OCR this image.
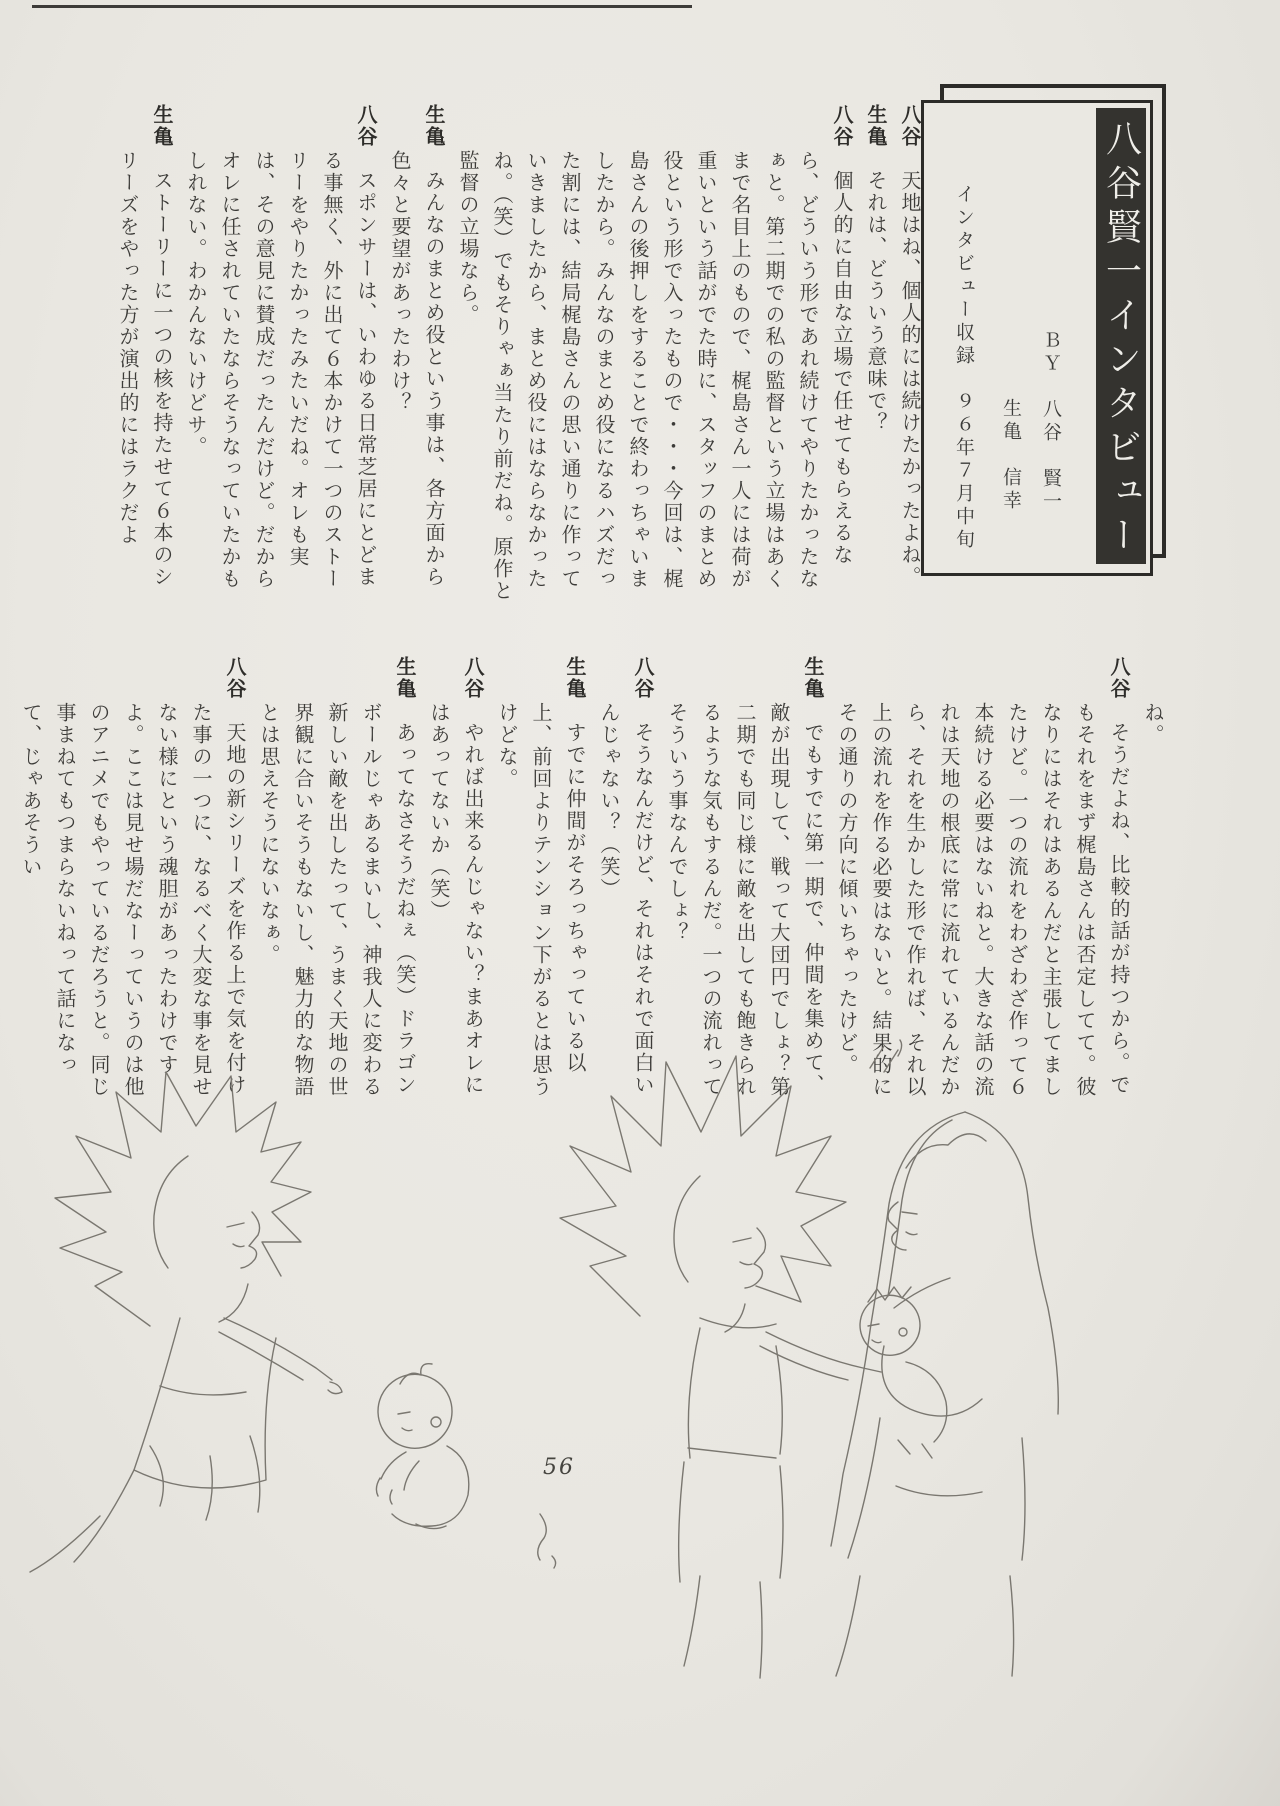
八谷賢一インタビュー
インタビュー収録　９６年７月中旬	ＢＹ　八谷　賢一
生亀　信幸

八谷　天地はね、個人的には続けたかったよね。

生亀　それは、どういう意味で？

八谷　個人的に自由な立場で任せてもらえるなら、どういう形であれ続けてやりたかったなぁと。第二期での私の監督という立場はあくまで名目上のもので、梶島さん一人には荷が重いという話がでた時に、スタッフのまとめ役という形で入ったもので・・・今回は、梶島さんの後押しをすることで終わっちゃいましたから。みんなのまとめ役になるハズだった割には、結局梶島さんの思い通りに作っていきましたから、まとめ役にはならなかったね。（笑）でもそりゃぁ当たり前だね。原作と監督の立場なら。

生亀　みんなのまとめ役という事は、各方面から色々と要望があったわけ？

八谷　スポンサーは、いわゆる日常芝居にとどまる事無く、外に出て６本かけて一つのストーリーをやりたかったみたいだね。オレも実は、その意見に賛成だったんだけど。だからオレに任されていたならそうなっていたかもしれない。わかんないけどサ。

生亀　ストーリーに一つの核を持たせて６本のシリーズをやった方が演出的にはラクだよ

ね。

八谷　そうだよね、比較的話が持つから。でもそれをまず梶島さんは否定してて。彼なりにはそれはあるんだと主張してましたけど。一つの流れをわざわざ作って６本続ける必要はないねと。大きな話の流れは天地の根底に常に流れているんだから、それを生かした形で作れば、それ以上の流れを作る必要はないと。結果的にその通りの方向に傾いちゃったけど。

生亀　でもすでに第一期で、仲間を集めて、敵が出現して、戦って大団円でしょ？第二期でも同じ様に敵を出しても飽きられるような気もするんだ。一つの流れってそういう事なんでしょ？

八谷　そうなんだけど、それはそれで面白いんじゃない？（笑）

生亀　すでに仲間がそろっちゃっている以上、前回よりテンション下がるとは思うけどな。

八谷　やれば出来るんじゃない？まあオレにはあってないか（笑）

生亀　あってなさそうだねぇ（笑）ドラゴンボールじゃあるまいし、神我人に変わる新しい敵を出したって、うまく天地の世界観に合いそうもないし、魅力的な物語とは思えそうにないなぁ。

八谷　天地の新シリーズを作る上で気を付けた事の一つに、なるべく大変な事を見せない様にという魂胆があったわけですよ。ここは見せ場だなーっていうのは他のアニメでもやっているだろうと。同じ事まねてもつまらないねって話になって、じゃあそうい

56
